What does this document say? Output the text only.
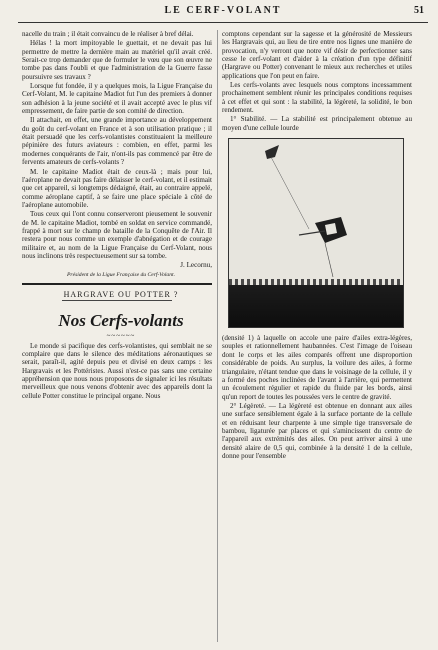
LE CERF-VOLANT	51

nacelle du train ; il était convaincu de le réaliser à bref délai.

Hélas ! la mort impitoyable le guettait, et ne devait pas lui permettre de mettre la dernière main au matériel qu'il avait créé. Serait-ce trop demander que de formuler le vœu que son œuvre ne tombe pas dans l'oubli et que l'administration de la Guerre fasse poursuivre ses travaux ?

Lorsque fut fondée, il y a quelques mois, la Ligue Française du Cerf-Volant, M. le capitaine Madiot fut l'un des premiers à donner son adhésion à la jeune société et il avait accepté avec le plus vif empressement, de faire partie de son comité de direction.

Il attachait, en effet, une grande importance au développement du goût du cerf-volant en France et à son utilisation pratique ; il était persuadé que les cerfs-volantistes constituaient la meilleure pépinière des futurs aviateurs : combien, en effet, parmi les modernes conquérants de l'air, n'ont-ils pas commencé par être de fervents amateurs de cerfs-volants ?

M. le capitaine Madiot était de ceux-là ; mais pour lui, l'aéroplane ne devait pas faire délaisser le cerf-volant, et il estimait que cet appareil, si longtemps dédaigné, était, au contraire appelé, comme aéroplane captif, à se faire une place spéciale à côté de l'aéroplane automobile.

Tous ceux qui l'ont connu conserveront pieusement le souvenir de M. le capitaine Madiot, tombé en soldat en service commandé, frappé à mort sur le champ de bataille de la Conquête de l'Air. Il restera pour nous comme un exemple d'abnégation et de courage militaire et, au nom de la Ligue Française du Cerf-Volant, nous nous inclinons très respectueusement sur sa tombe.

J. Lecornu,

Président de la Ligue Française du Cerf-Volant.

HARGRAVE OU POTTER ?

Nos Cerfs-volants

~~~~~~

Le monde si pacifique des cerfs-volantistes, qui semblait ne se complaire que dans le silence des méditations aéronautiques se serait, paraît-il, agité depuis peu et divisé en deux camps : les Hargravais et les Pottéristes. Aussi n'est-ce pas sans une certaine appréhension que nous nous proposons de signaler ici les résultats merveilleux que nous venons d'obtenir avec des appareils dont la cellule Potter constitue le principal organe. Nous

comptons cependant sur la sagesse et la générosité de Messieurs les Hargravais qui, au lieu de tire entre nos lignes une manière de provocation, n'y verront que notre vif désir de perfectionner sans cesse le cerf-volant et d'aider à la création d'un type définitif (Hargrave ou Potter) convenant le mieux aux recherches et utiles applications que l'on peut en faire.

Les cerfs-volants avec lesquels nous comptons incessamment prochainement semblent réunir les principales conditions requises à cet effet et qui sont : la stabilité, la légèreté, la solidité, le bon rendement.

1° Stabilité. — La stabilité est principalement obtenue au moyen d'une cellule lourde

(densité 1) à laquelle on accole une paire d'ailes extra-légères, souples et rationnellement haubannées. C'est l'image de l'oiseau dont le corps et les ailes comparés offrent une disproportion considérable de poids. Au surplus, la voilure des ailes, à forme triangulaire, n'étant tendue que dans le voisinage de la cellule, il y a formé des poches inclinées de l'avant à l'arrière, qui permettent un écoulement régulier et rapide du fluide par les bords, ainsi qu'un report de toutes les poussées vers le centre de gravité.

2° Légèreté. — La légèreté est obtenue en donnant aux ailes une surface sensiblement égale à la surface portante de la cellule et en réduisant leur charpente à une simple tige transversale de bambou, ligaturée par places et qui s'amincissent du centre de l'appareil aux extrémités des ailes. On peut arriver ainsi à une densité alaire de 0,5 qui, combinée à la densité 1 de la cellule, donne pour l'ensemble
